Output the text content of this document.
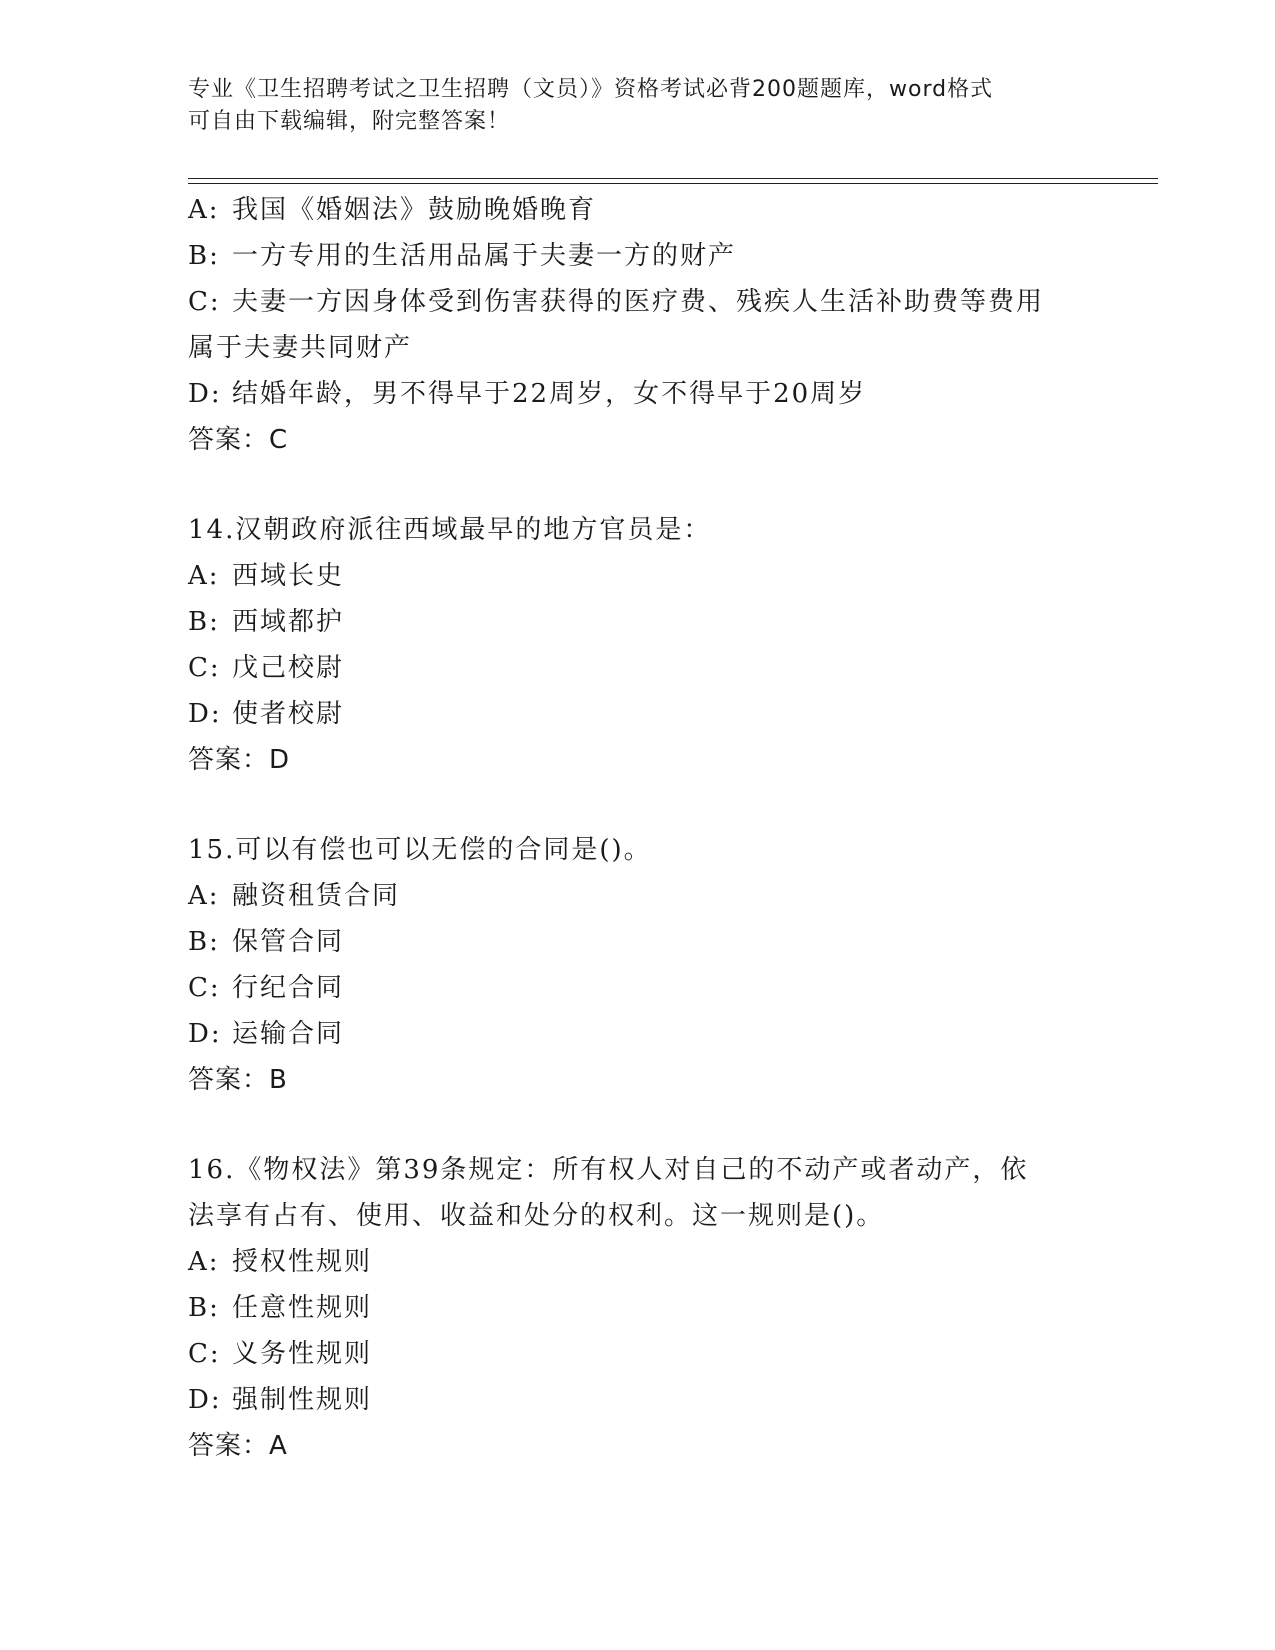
专业《卫生招聘考试之卫生招聘（文员）》资格考试必背200题题库，word格式
可自由下载编辑，附完整答案！
A: 我国《婚姻法》鼓励晚婚晚育
B: 一方专用的生活用品属于夫妻一方的财产
C: 夫妻一方因身体受到伤害获得的医疗费、残疾人生活补助费等费用
属于夫妻共同财产
D: 结婚年龄，男不得早于22周岁，女不得早于20周岁
答案：C
14.汉朝政府派往西域最早的地方官员是：
A: 西域长史
B: 西域都护
C: 戊己校尉
D: 使者校尉
答案：D
15.可以有偿也可以无偿的合同是()。
A: 融资租赁合同
B: 保管合同
C: 行纪合同
D: 运输合同
答案：B
16.《物权法》第39条规定：所有权人对自己的不动产或者动产，依
法享有占有、使用、收益和处分的权利。这一规则是()。
A: 授权性规则
B: 任意性规则
C: 义务性规则
D: 强制性规则
答案：A
